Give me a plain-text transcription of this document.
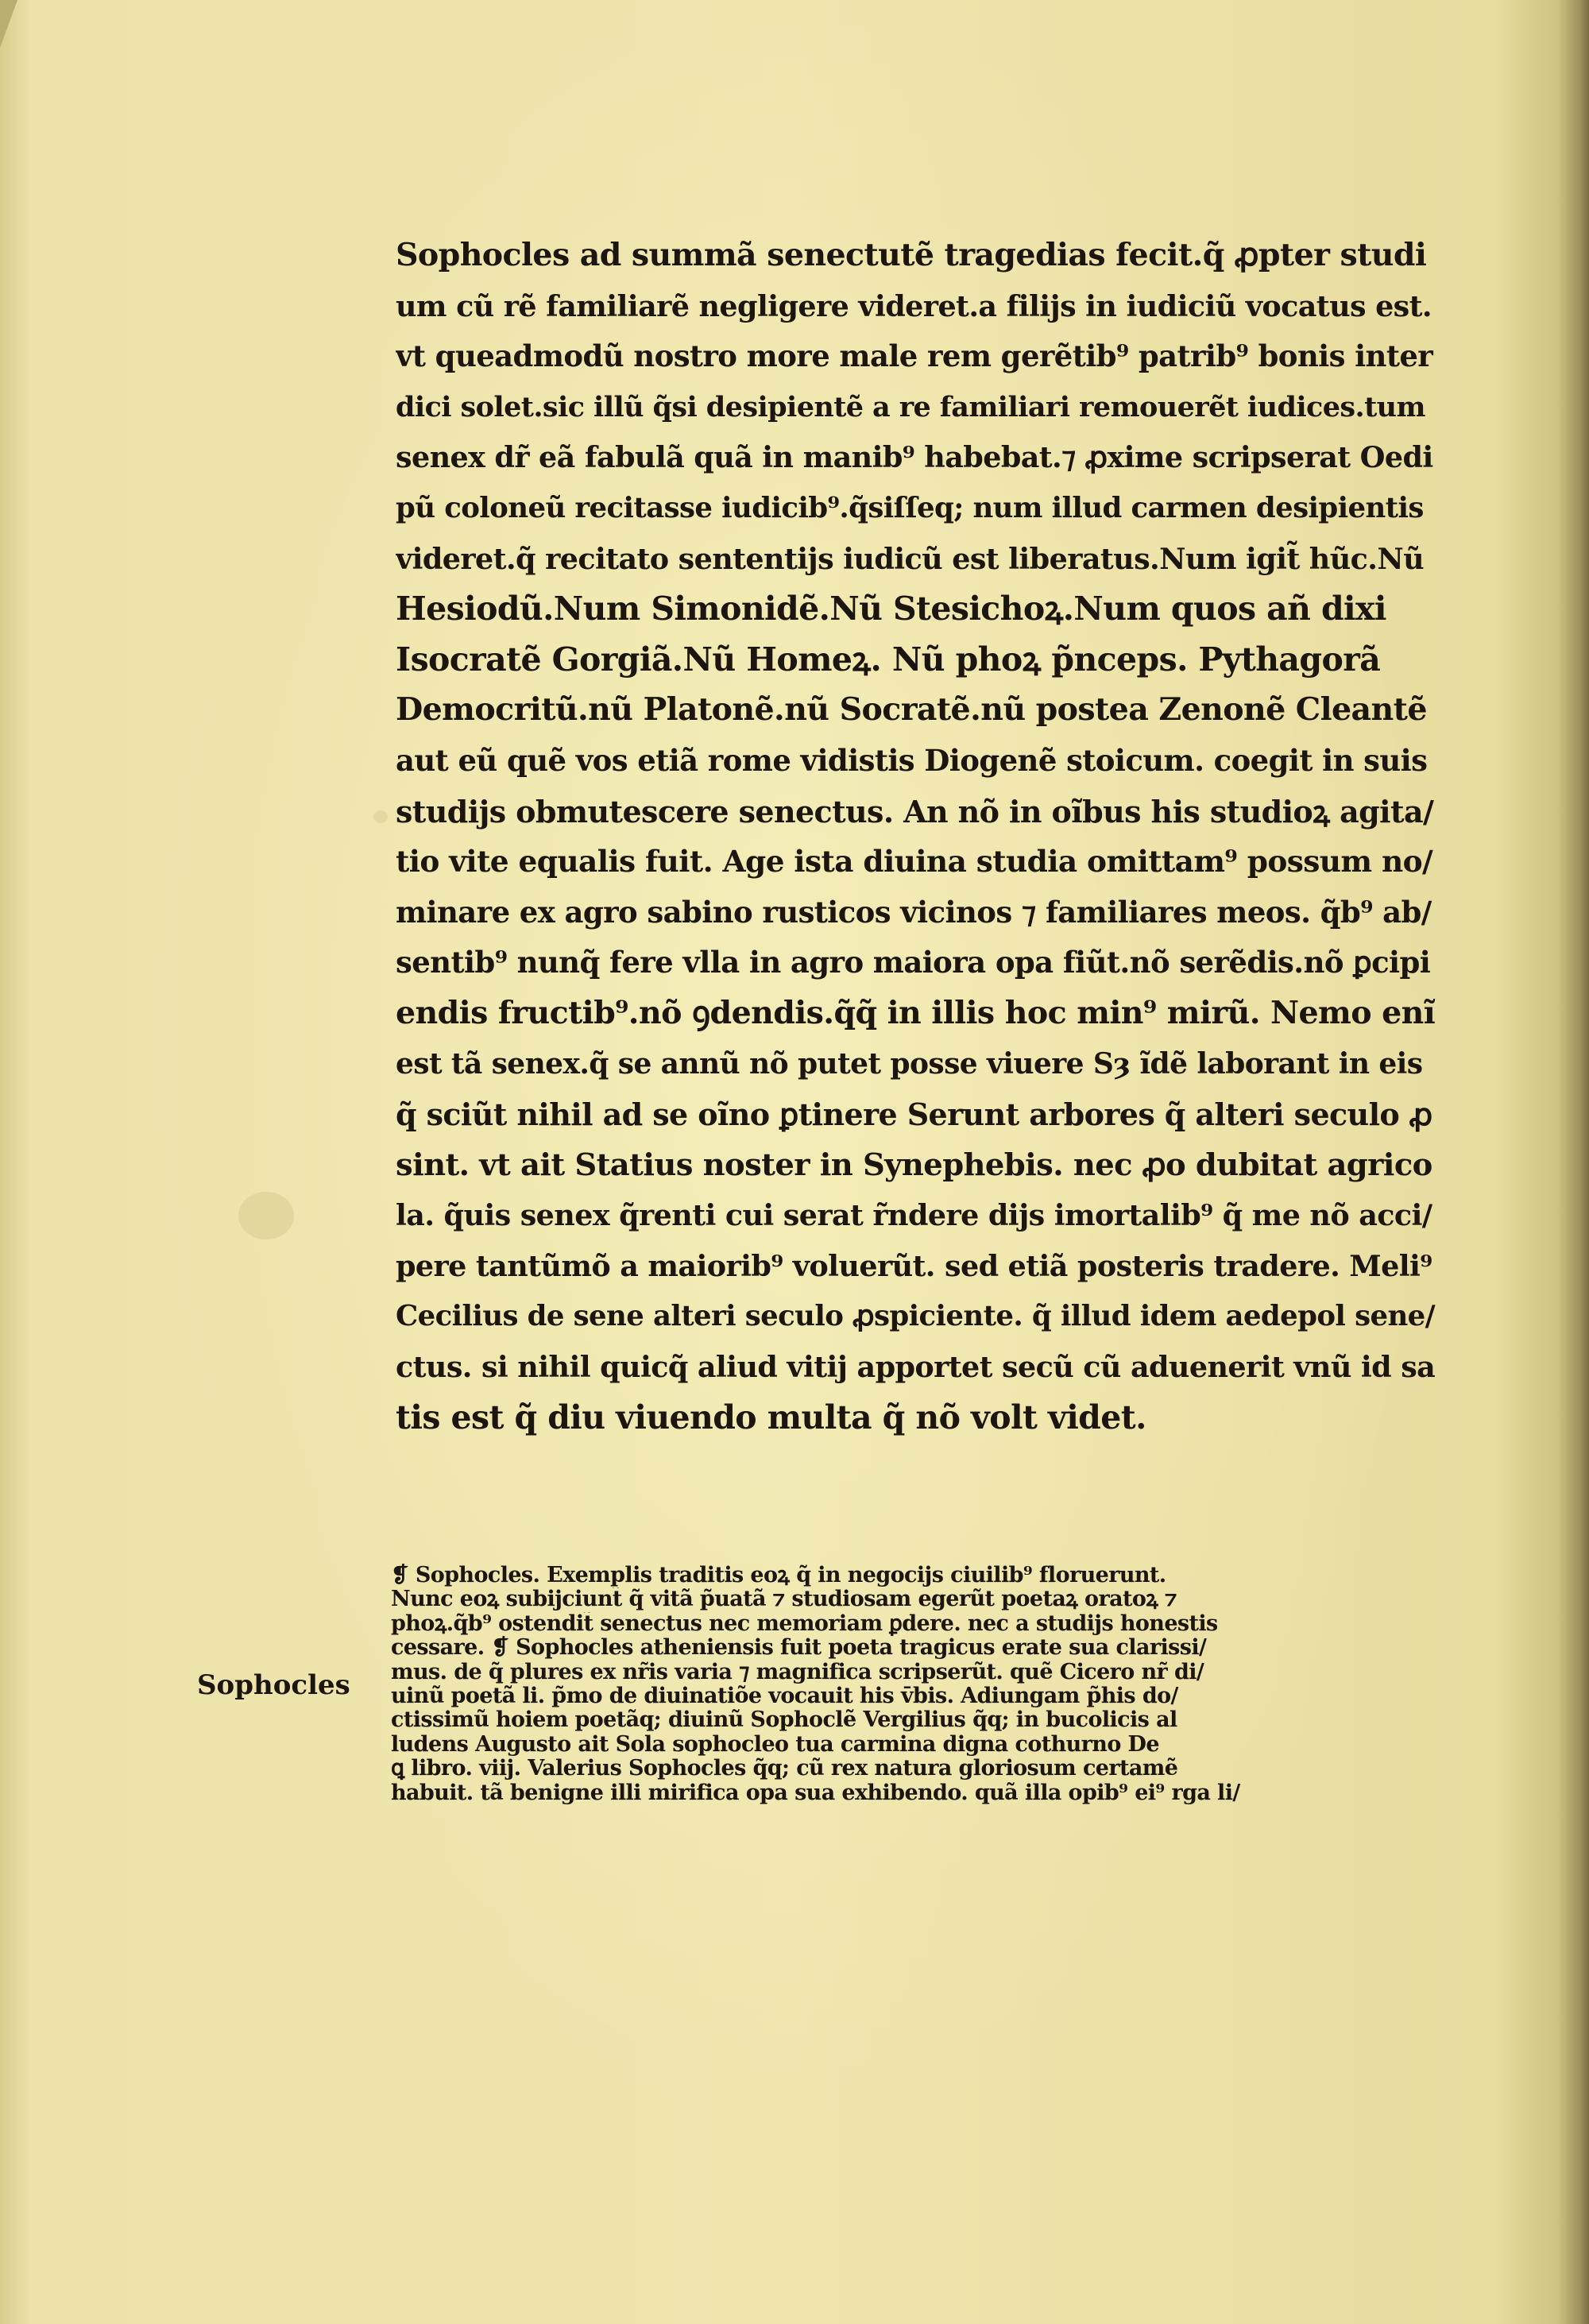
Sophocles ad summã senectutẽ tragedias fecit.q̃ ꝓpter studi
um cũ rẽ familiarẽ negligere videret.a filijs in iudiciũ vocatus est.
vt queadmodũ nostro more male rem gerẽtib⁹ patrib⁹ bonis inter
dici solet.sic illũ q̃si desipientẽ a re familiari remouerẽt iudices.tum
senex dr̃ eã fabulã quã in manib⁹ habebat.⁊ ꝓxime scripserat Oedi
pũ coloneũ recitasse iudicib⁹.q̃siſſeq; num illud carmen desipientis
videret.q̃ recitato sententijs iudicũ est liberatus.Num igit̃ hũc.Nũ
Hesiodũ.Num Simonidẽ.Nũ Stesichoꝝ.Num quos añ dixi
Isocratẽ Gorgiã.Nũ Homeꝝ. Nũ phoꝝ p̃nceps. Pythagorã
Democritũ.nũ Platonẽ.nũ Socratẽ.nũ postea Zenonẽ Cleantẽ
aut eũ quẽ vos etiã rome vidistis Diogenẽ stoicum. coegit in suis
studijs obmutescere senectus. An nõ in oĩbus his studioꝝ agita/
tio vite equalis fuit. Age ista diuina studia omittam⁹ possum no/
minare ex agro sabino rusticos vicinos ⁊ familiares meos. q̃b⁹ ab/
sentib⁹ nunq̃ fere vlla in agro maiora opa fiũt.nõ serẽdis.nõ ꝑcipi
endis fructib⁹.nõ ꝯdendis.q̃q̃ in illis hoc min⁹ mirũ. Nemo enĩ
est tã senex.q̃ se annũ nõ putet posse viuere Sȝ ĩdẽ laborant in eis
q̃ sciũt nihil ad se oĩno ꝑtinere Serunt arbores q̃ alteri seculo ꝓ
sint. vt ait Statius noster in Synephebis. nec ꝓo dubitat agrico
la. q̃uis senex q̃renti cui serat r̃ndere dijs imortalib⁹ q̃ me nõ acci/
pere tantũmõ a maiorib⁹ voluerũt. sed etiã posteris tradere. Meli⁹
Cecilius de sene alteri seculo ꝓspiciente. q̃ illud idem aedepol sene/
ctus. si nihil quicq̃ aliud vitij apportet secũ cũ aduenerit vnũ id sa
tis est q̃ diu viuendo multa q̃ nõ volt videt.
❡ Sophocles. Exemplis traditis eoꝝ q̃ in negocijs ciuilib⁹ floruerunt.
Nunc eoꝝ subijciunt̃ q̃ vitã p̃uatã ⁊ studiosam egerũt poetaꝝ oratoꝝ ⁊
phoꝝ.q̃b⁹ ostendit̃ senectus nec memoriam ꝑdere. nec a studijs honestis
cessare. ❡ Sophocles atheniensis fuit poeta tragicus erate sua clarissi/
mus. de q̃ plures ex nr̃is varia ⁊ magnifica scripserũt. quẽ Cicero nr̃ di/
uinũ poetã li. p̃mo de diuinatiõe vocauit his v̄bis. Adiungam p̃his do/
ctissimũ hoiem poetãq; diuinũ Sophoclẽ Vergilius q̃q; in bucolicis al
ludens Augusto ait Sola sophocleo tua carmina digna cothurno De
ꝗ libro. viij. Valerius Sophocles q̃q; cũ rex natura gloriosum certamẽ
habuit. tã benigne illi mirifica opa sua exhibendo. quã illa opib⁹ ei⁹ rga li/
Sophocles
